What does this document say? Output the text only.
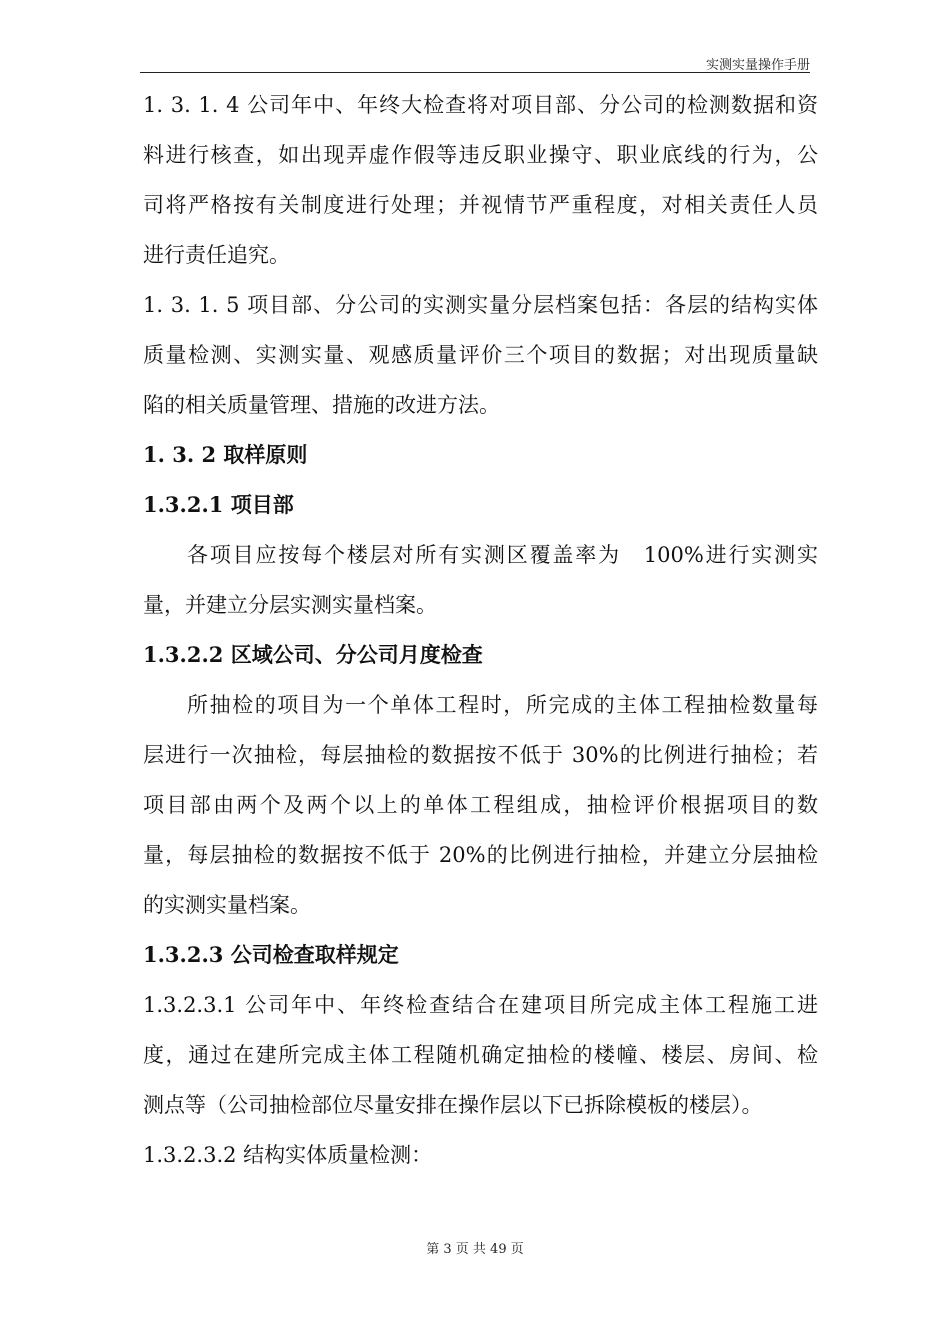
实测实量操作手册
1. 3. 1. 4 公司年中、年终大检查将对项目部、分公司的检测数据和资
料进行核查，如出现弄虚作假等违反职业操守、职业底线的行为，公
司将严格按有关制度进行处理；并视情节严重程度，对相关责任人员
进行责任追究。
1. 3. 1. 5 项目部、分公司的实测实量分层档案包括：各层的结构实体
质量检测、实测实量、观感质量评价三个项目的数据；对出现质量缺
陷的相关质量管理、措施的改进方法。
1. 3. 2 取样原则
1.3.2.1 项目部
各项目应按每个楼层对所有实测区覆盖率为　100%进行实测实
量，并建立分层实测实量档案。
1.3.2.2 区域公司、分公司月度检查
所抽检的项目为一个单体工程时，所完成的主体工程抽检数量每
层进行一次抽检，每层抽检的数据按不低于 30%的比例进行抽检；若
项目部由两个及两个以上的单体工程组成，抽检评价根据项目的数
量，每层抽检的数据按不低于 20%的比例进行抽检，并建立分层抽检
的实测实量档案。
1.3.2.3 公司检查取样规定
1.3.2.3.1 公司年中、年终检查结合在建项目所完成主体工程施工进
度，通过在建所完成主体工程随机确定抽检的楼幢、楼层、房间、检
测点等（公司抽检部位尽量安排在操作层以下已拆除模板的楼层）。
1.3.2.3.2 结构实体质量检测：
第 3 页 共 49 页
